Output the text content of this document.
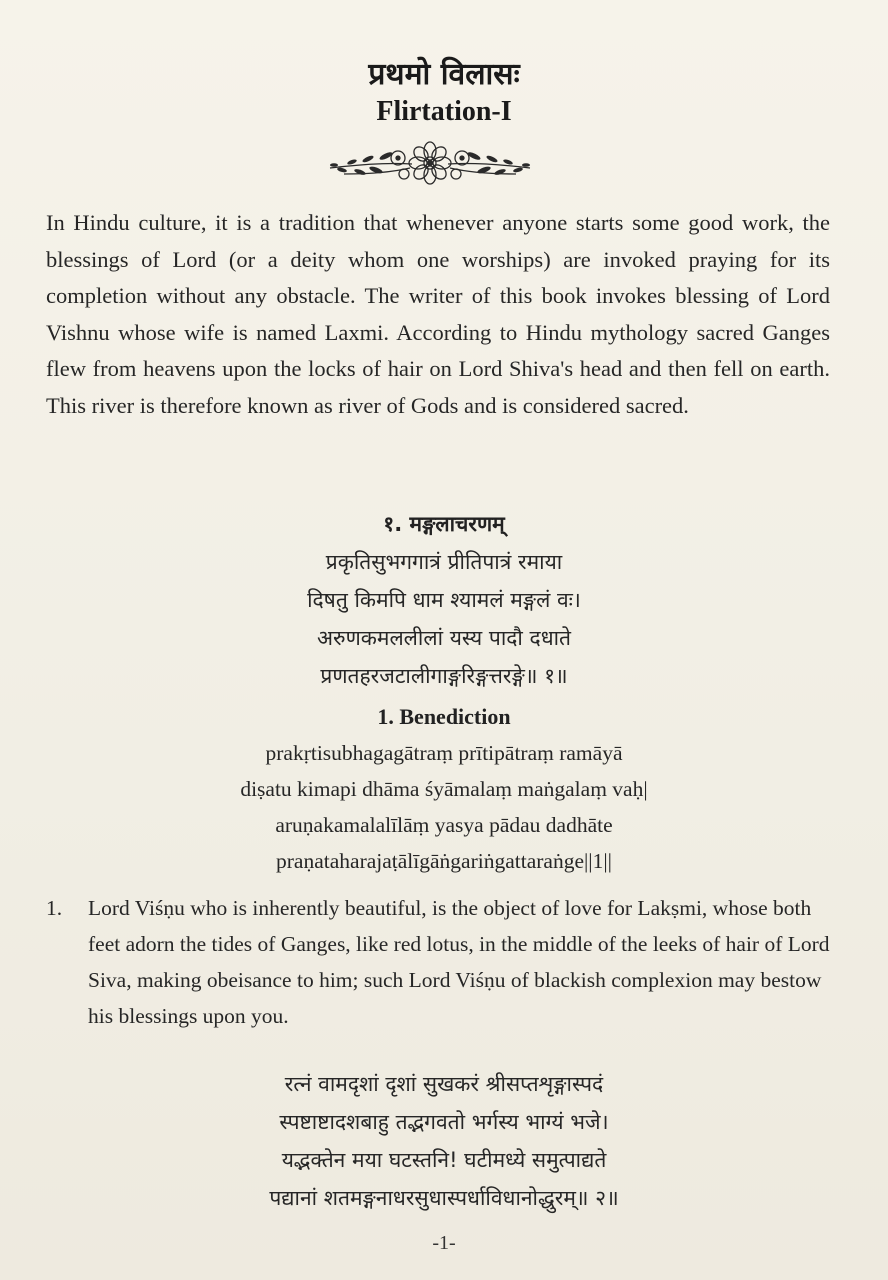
प्रथमो विलासः
Flirtation-I

In Hindu culture, it is a tradition that whenever anyone starts some good work, the blessings of Lord (or a deity whom one worships) are invoked praying for its completion without any obstacle. The writer of this book invokes blessing of Lord Vishnu whose wife is named Laxmi. According to Hindu mythology sacred Ganges flew from heavens upon the locks of hair on Lord Shiva's head and then fell on earth. This river is therefore known as river of Gods and is considered sacred.

१. मङ्गलाचरणम्

प्रकृतिसुभगगात्रं प्रीतिपात्रं रमाया

दिषतु किमपि धाम श्यामलं मङ्गलं वः।

अरुणकमललीलां यस्य पादौ दधाते

प्रणतहरजटालीगाङ्गरिङ्गत्तरङ्गे॥ १॥

1. Benediction

prakṛtisubhagagātraṃ prītipātraṃ ramāyā

diṣatu kimapi dhāma śyāmalaṃ maṅgalaṃ vaḥ|

aruṇakamalalīlāṃ yasya pādau dadhāte

praṇataharajaṭālīgāṅgariṅgattaraṅge||1||

1.	Lord Viśṇu who is inherently beautiful, is the object of love for Lakṣmi, whose both feet adorn the tides of Ganges, like red lotus, in the middle of the leeks of hair of Lord Siva, making obeisance to him; such Lord Viśṇu of blackish complexion may bestow his blessings upon you.

रत्नं वामदृशां दृशां सुखकरं श्रीसप्तशृङ्गास्पदं

स्पष्टाष्टादशबाहु तद्भगवतो भर्गस्य भाग्यं भजे।

यद्भक्तेन मया घटस्तनि! घटीमध्ये समुत्पाद्यते

पद्यानां शतमङ्गनाधरसुधास्पर्धाविधानोद्धुरम्॥ २॥

-1-
